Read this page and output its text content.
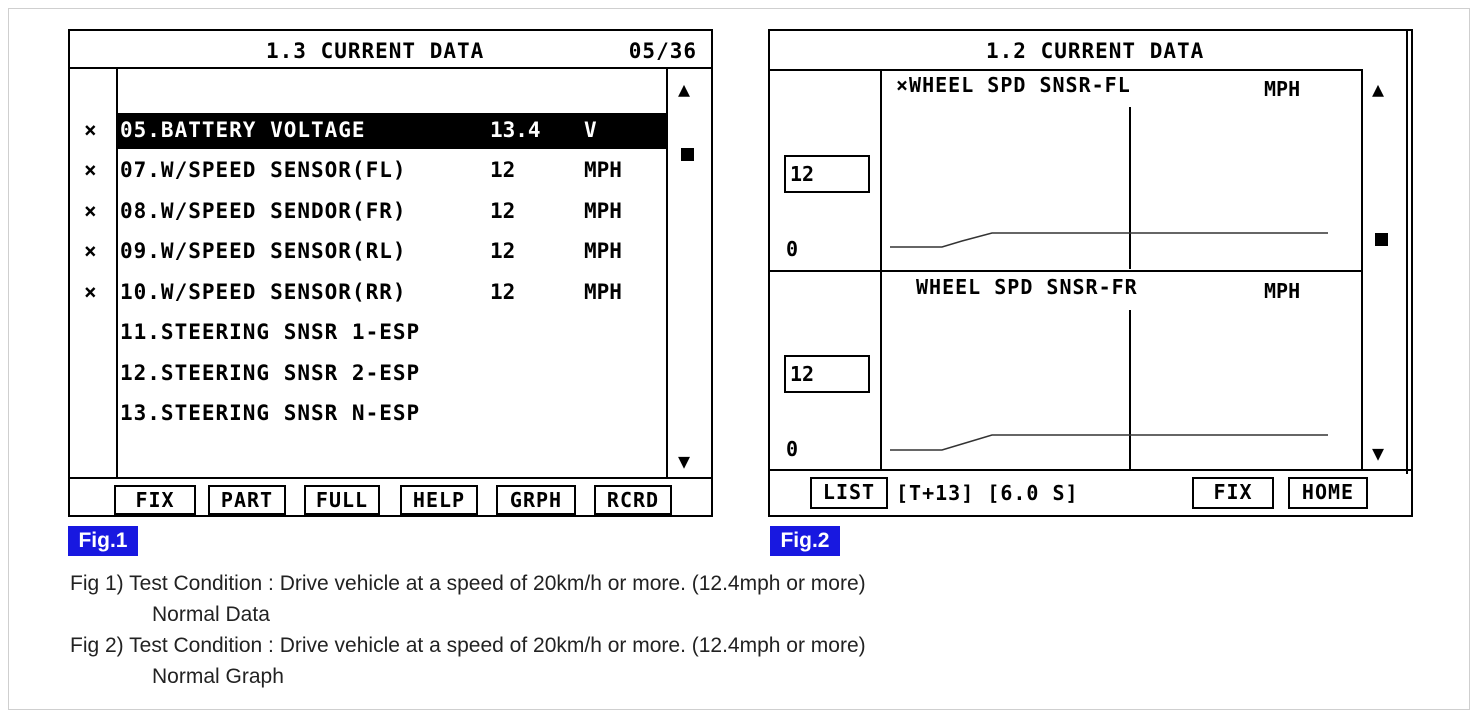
1.3 CURRENT DATA	05/36
× 05.BATTERY VOLTAGE	13.4 V
× 07.W/SPEED SENSOR(FL)	12	MPH
× 08.W/SPEED SENDOR(FR)	12	MPH
× 09.W/SPEED SENSOR(RL)	12	MPH
× 10.W/SPEED SENSOR(RR)	12	MPH
11.STEERING SNSR 1-ESP
12.STEERING SNSR 2-ESP
13.STEERING SNSR N-ESP
▲
▼
FIX	PART	FULL	HELP	GRPH	RCRD
Fig.1
1.2 CURRENT DATA
×WHEEL SPD SNSR-FL	MPH
12
0
WHEEL SPD SNSR-FR	MPH
12
0
▲
▼
LIST	[T+13] [6.0 S]	FIX	HOME
Fig.2
Fig 1) Test Condition : Drive vehicle at a speed of 20km/h or more. (12.4mph or more)
Normal Data
Fig 2) Test Condition : Drive vehicle at a speed of 20km/h or more. (12.4mph or more)
Normal Graph
